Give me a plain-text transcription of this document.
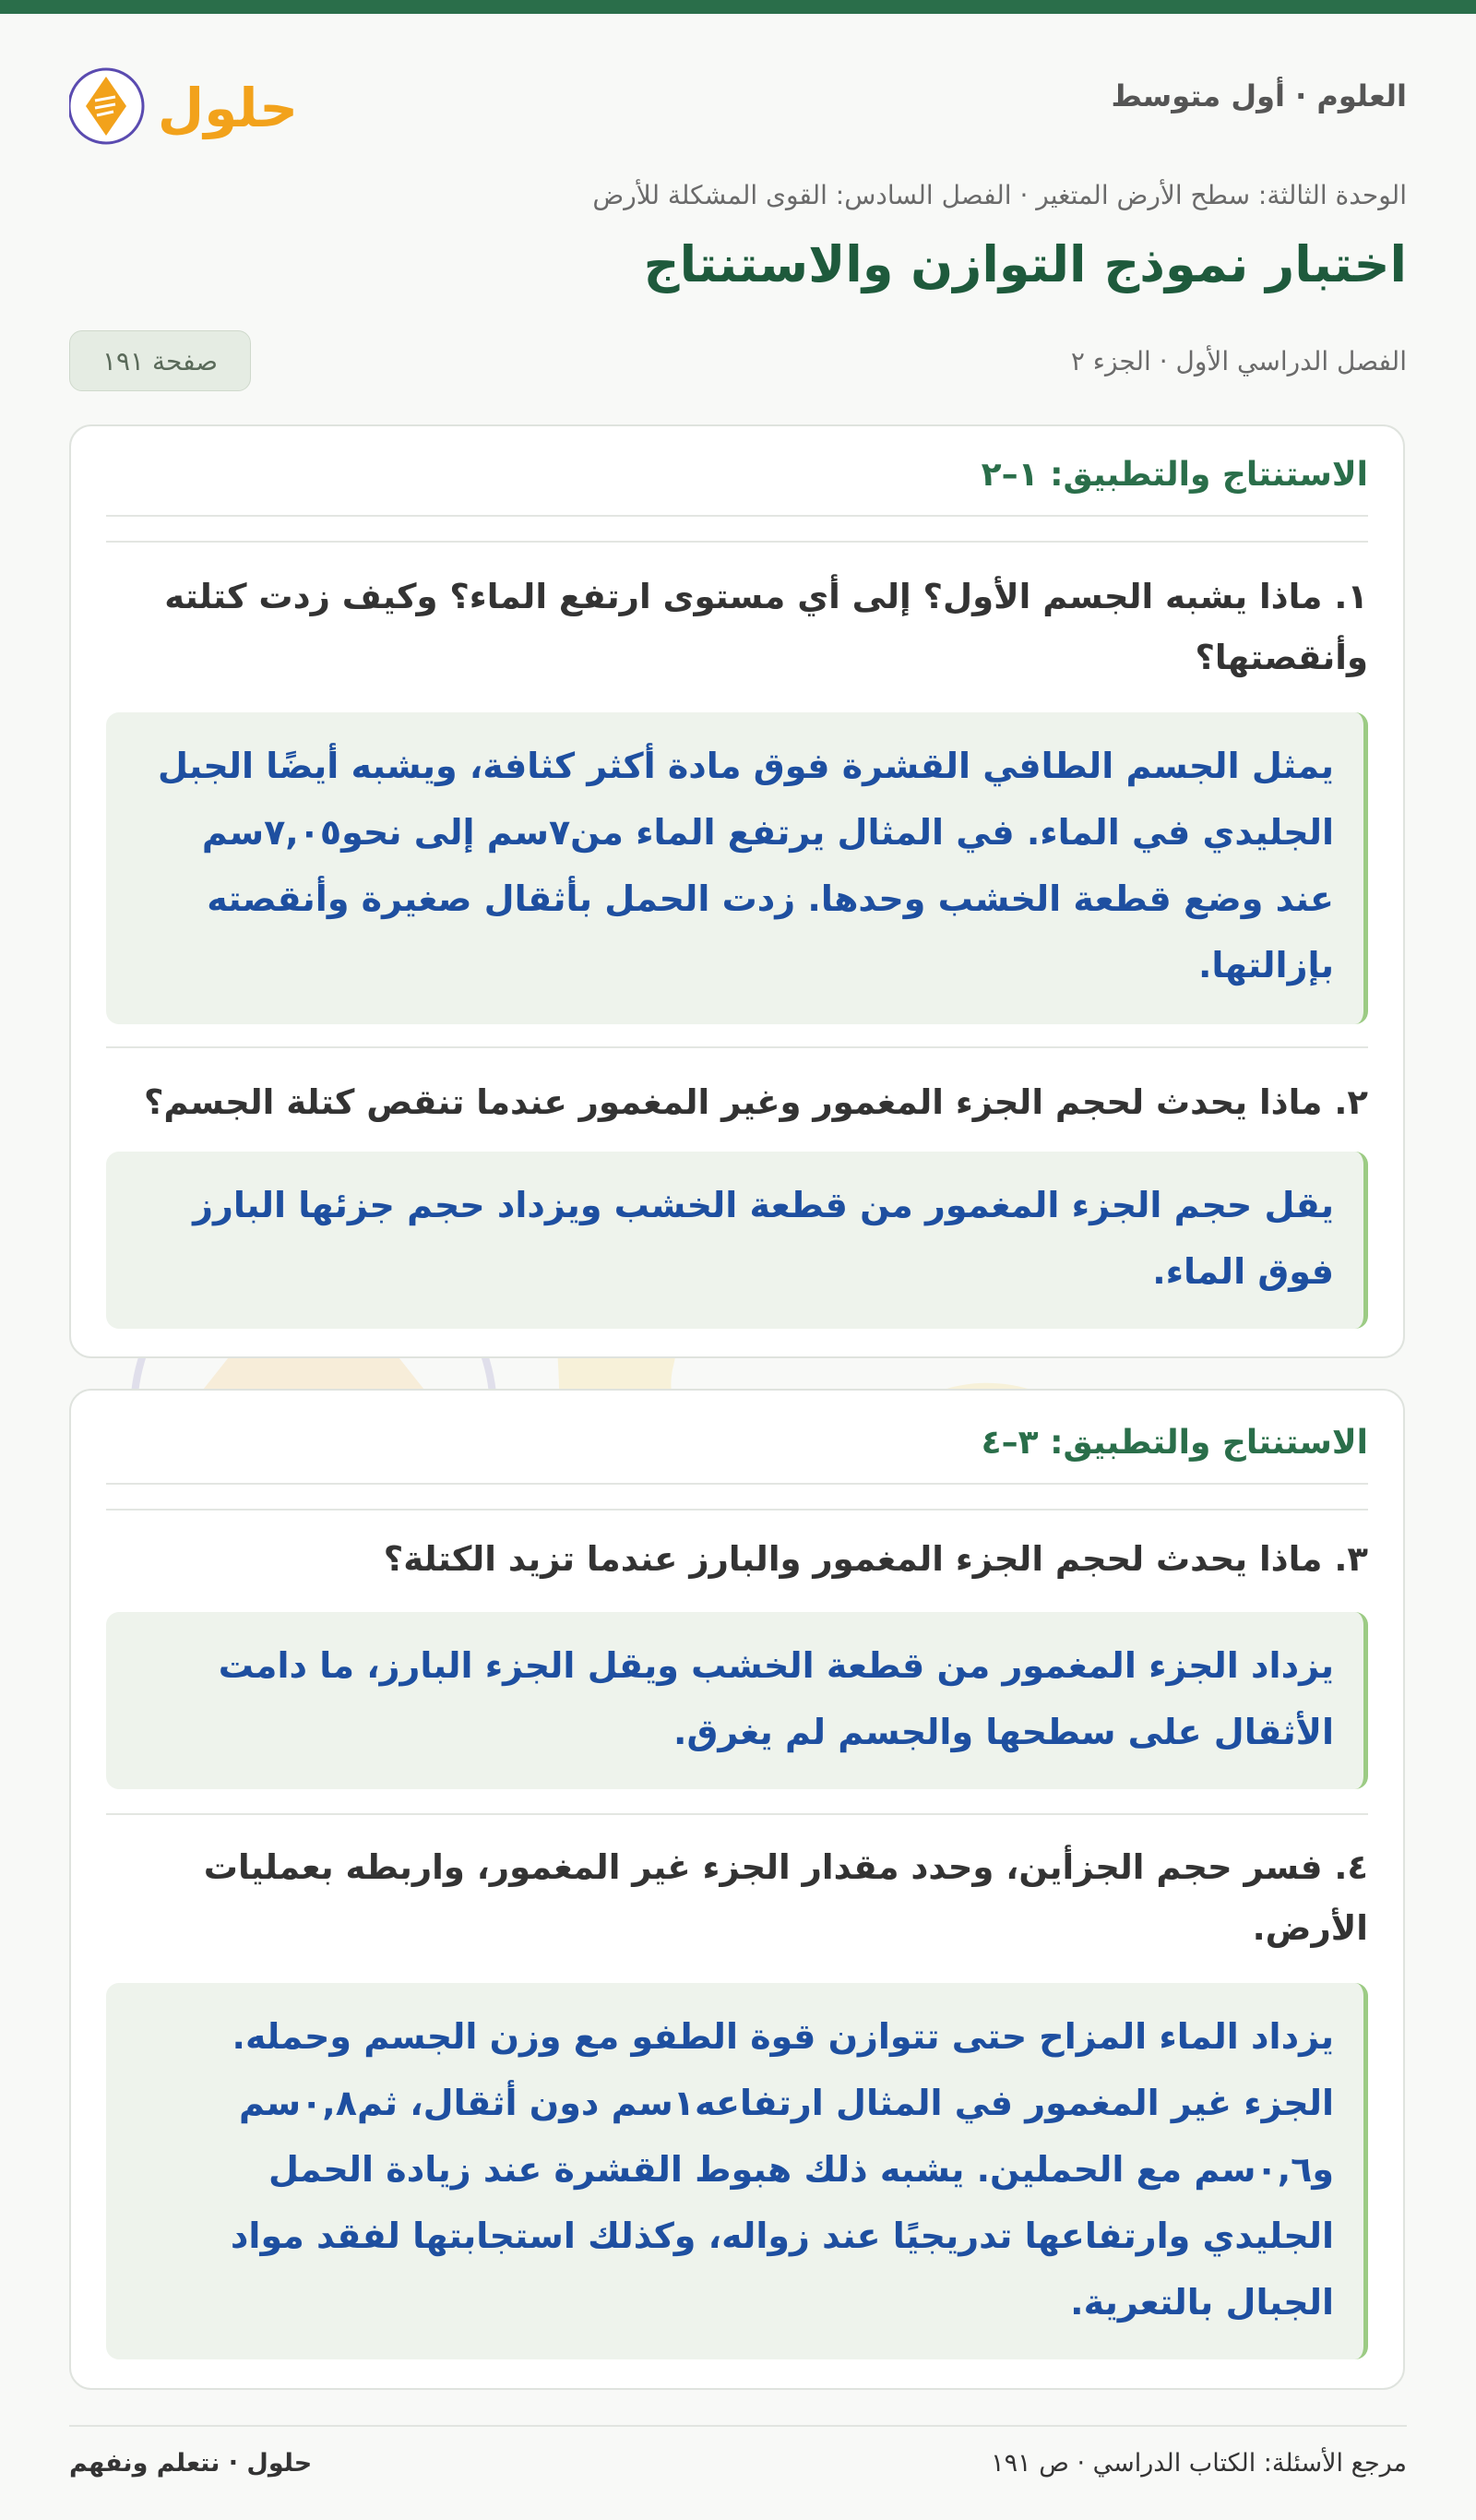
العلوم · أول متوسط
حلول
الوحدة الثالثة: سطح الأرض المتغير · الفصل السادس: القوى المشكلة للأرض
اختبار نموذج التوازن والاستنتاج
الفصل الدراسي الأول · الجزء ٢
صفحة ١٩١
الاستنتاج والتطبيق: ١–٢
١. ماذا يشبه الجسم الأول؟ إلى أي مستوى ارتفع الماء؟ وكيف زدت كتلته وأنقصتها؟
يمثل الجسم الطافي القشرة فوق مادة أكثر كثافة، ويشبه أيضًا الجبل الجليدي في الماء. في المثال يرتفع الماء من٧سم إلى نحو٧,٠٥سم عند وضع قطعة الخشب وحدها. زدت الحمل بأثقال صغيرة وأنقصته بإزالتها.
٢. ماذا يحدث لحجم الجزء المغمور وغير المغمور عندما تنقص كتلة الجسم؟
يقل حجم الجزء المغمور من قطعة الخشب ويزداد حجم جزئها البارز فوق الماء.
الاستنتاج والتطبيق: ٣–٤
٣. ماذا يحدث لحجم الجزء المغمور والبارز عندما تزيد الكتلة؟
يزداد الجزء المغمور من قطعة الخشب ويقل الجزء البارز، ما دامت الأثقال على سطحها والجسم لم يغرق.
٤. فسر حجم الجزأين، وحدد مقدار الجزء غير المغمور، واربطه بعمليات الأرض.
يزداد الماء المزاح حتى تتوازن قوة الطفو مع وزن الجسم وحمله. الجزء غير المغمور في المثال ارتفاعه١سم دون أثقال، ثم٠,٨سم و٠,٦سم مع الحملين. يشبه ذلك هبوط القشرة عند زيادة الحمل الجليدي وارتفاعها تدريجيًا عند زواله، وكذلك استجابتها لفقد مواد الجبال بالتعرية.
مرجع الأسئلة: الكتاب الدراسي · ص ١٩١
حلول · نتعلم ونفهم
